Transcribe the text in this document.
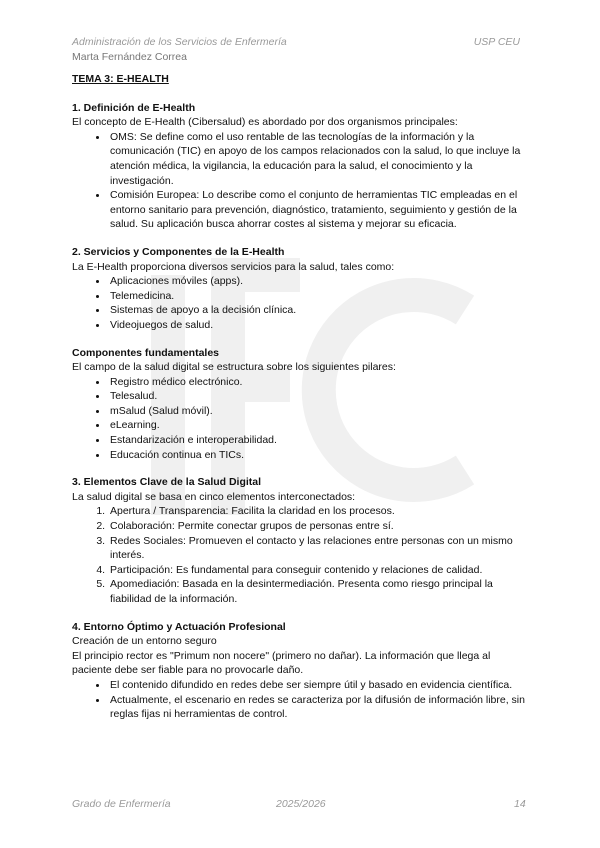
Administración de los Servicios de Enfermería
Marta Fernández Correa
USP CEU
TEMA 3: E-HEALTH
1. Definición de E-Health

El concepto de E-Health (Cibersalud) es abordado por dos organismos principales:

• OMS: Se define como el uso rentable de las tecnologías de la información y la comunicación (TIC) en apoyo de los campos relacionados con la salud, lo que incluye la atención médica, la vigilancia, la educación para la salud, el conocimiento y la investigación.
• Comisión Europea: Lo describe como el conjunto de herramientas TIC empleadas en el entorno sanitario para prevención, diagnóstico, tratamiento, seguimiento y gestión de la salud. Su aplicación busca ahorrar costes al sistema y mejorar su eficacia.
2. Servicios y Componentes de la E-Health

La E-Health proporciona diversos servicios para la salud, tales como:

• Aplicaciones móviles (apps).
• Telemedicina.
• Sistemas de apoyo a la decisión clínica.
• Videojuegos de salud.
Componentes fundamentales

El campo de la salud digital se estructura sobre los siguientes pilares:

• Registro médico electrónico.
• Telesalud.
• mSalud (Salud móvil).
• eLearning.
• Estandarización e interoperabilidad.
• Educación continua en TICs.
3. Elementos Clave de la Salud Digital

La salud digital se basa en cinco elementos interconectados:

1. Apertura / Transparencia: Facilita la claridad en los procesos.
2. Colaboración: Permite conectar grupos de personas entre sí.
3. Redes Sociales: Promueven el contacto y las relaciones entre personas con un mismo interés.
4. Participación: Es fundamental para conseguir contenido y relaciones de calidad.
5. Apomediación: Basada en la desintermediación. Presenta como riesgo principal la fiabilidad de la información.
4. Entorno Óptimo y Actuación Profesional

Creación de un entorno seguro

El principio rector es "Primum non nocere" (primero no dañar). La información que llega al paciente debe ser fiable para no provocarle daño.

• El contenido difundido en redes debe ser siempre útil y basado en evidencia científica.
• Actualmente, el escenario en redes se caracteriza por la difusión de información libre, sin reglas fijas ni herramientas de control.
Grado de Enfermería	2025/2026	14
